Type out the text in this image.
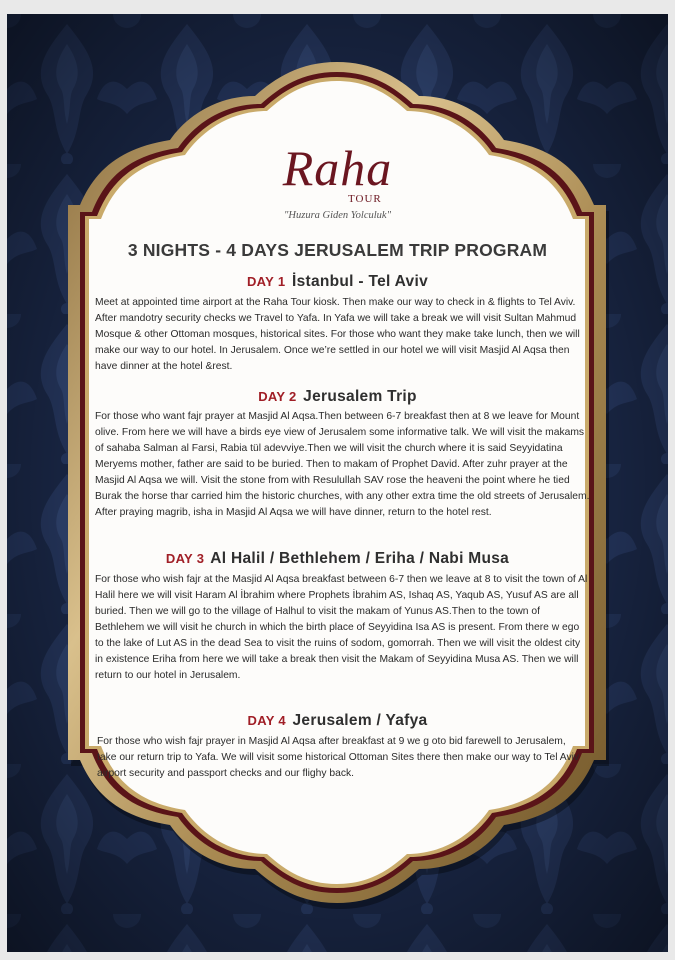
Raha
TOUR
"Huzura Giden Yolculuk"
3 NIGHTS - 4 DAYS JERUSALEM TRIP PROGRAM
DAY 1 İstanbul - Tel Aviv
Meet at appointed time airport at the Raha Tour kiosk. Then make our way to check in & flights to Tel Aviv. After mandotry security checks we Travel to Yafa. In Yafa we will take a break we will visit Sultan Mahmud Mosque & other Ottoman mosques, historical sites. For those who want they make take lunch, then we will make our way to our hotel. In Jerusalem. Once we’re settled in our hotel we will visit Masjid Al Aqsa then have dinner at the hotel &rest.
DAY 2 Jerusalem Trip
For those who want fajr prayer at Masjid Al Aqsa.Then between 6-7 breakfast then at 8 we leave for Mount olive. From here we will have a birds eye view of Jerusalem some informative talk. We will visit the makams of sahaba Salman al Farsi, Rabia tül adevviye.Then we will visit the church where it is said Seyyidatina Meryems mother, father are said to be buried. Then to makam of Prophet David. After zuhr prayer at the Masjid Al Aqsa we will. Visit the stone from with Resulullah SAV rose the heaveni the point where he tied Burak the horse thar carried him the historic churches, with any other extra time the old streets of Jerusalem. After praying magrib, isha in Masjid Al Aqsa we will have dinner, return to the hotel rest.
DAY 3 Al Halil / Bethlehem / Eriha / Nabi Musa
For those who wish fajr at the Masjid Al Aqsa breakfast between 6-7 then we leave at 8 to visit the town of Al Halil here we will visit Haram Al İbrahim where Prophets İbrahim AS, Ishaq AS, Yaqub AS, Yusuf AS are all buried. Then we will go to the village of Halhul to visit the makam of Yunus AS.Then to the town of Bethlehem we will visit he church in which the birth place of Seyyidina Isa AS is present. From there w ego to the lake of Lut AS in the dead Sea to visit the ruins of sodom, gomorrah. Then we will visit the oldest city in existence Eriha from here we will take a break then visit the Makam of Seyyidina Musa AS. Then we will return to our hotel in Jerusalem.
DAY 4 Jerusalem / Yafya
For those who wish fajr prayer in Masjid Al Aqsa after breakfast at 9 we g oto bid farewell to Jerusalem, take our return trip to Yafa. We will visit some historical Ottoman Sites there then make our way to Tel Aviv airport security and passport checks and our flighy back.
